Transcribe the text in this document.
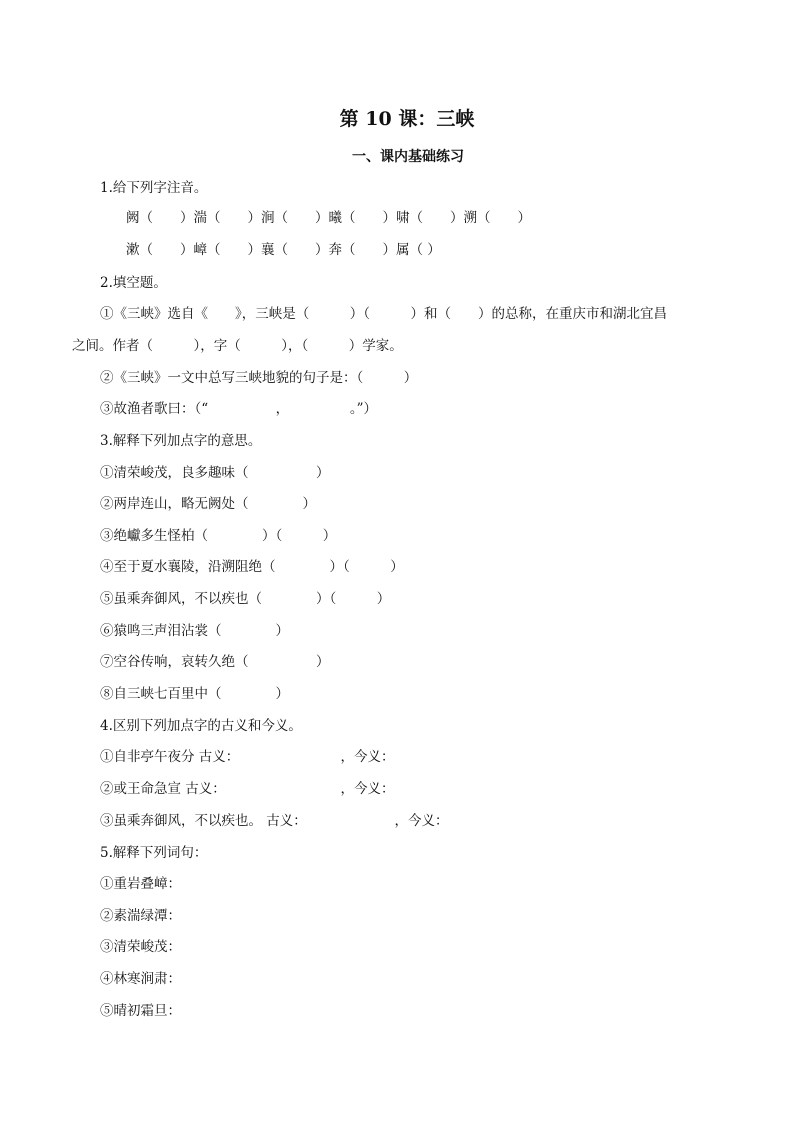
第 10 课：三峡
一、课内基础练习
1.给下列字注音。
阙（　　）湍（　　）涧（　　）曦（　　）啸（　　）溯（　　）
漱（　　）嶂（　　）襄（　　）奔（　　）属（ ）
2.填空题。
①《三峡》选自《　　》，三峡是（　　　）（　　　）和（　　）的总称，在重庆市和湖北宜昌
之间。作者（　　　），字（　　　），（　　　）学家。
②《三峡》一文中总写三峡地貌的句子是：（　　　）
③故渔者歌曰：（“　　　　　，　　　　　。”）
3.解释下列加点字的意思。
①清荣峻茂，良多趣味（　　　　　）
②两岸连山，略无阙处（　　　　）
③绝巘多生怪柏（　　　　）（　　　）
④至于夏水襄陵，沿溯阻绝（　　　　）（　　　）
⑤虽乘奔御风，不以疾也（　　　　）（　　　）
⑥猿鸣三声泪沾裳（　　　　）
⑦空谷传响，哀转久绝（　　　　　）
⑧自三峡七百里中（　　　　）
4.区别下列加点字的古义和今义。
①自非亭午夜分 古义：　　　　　　　　，今义：
②或王命急宣 古义：　　　　　　　　　，今义：
③虽乘奔御风，不以疾也。 古义：　　　　　　　，今义：
5.解释下列词句：
①重岩叠嶂：
②素湍绿潭：
③清荣峻茂：
④林寒涧肃：
⑤晴初霜旦：
